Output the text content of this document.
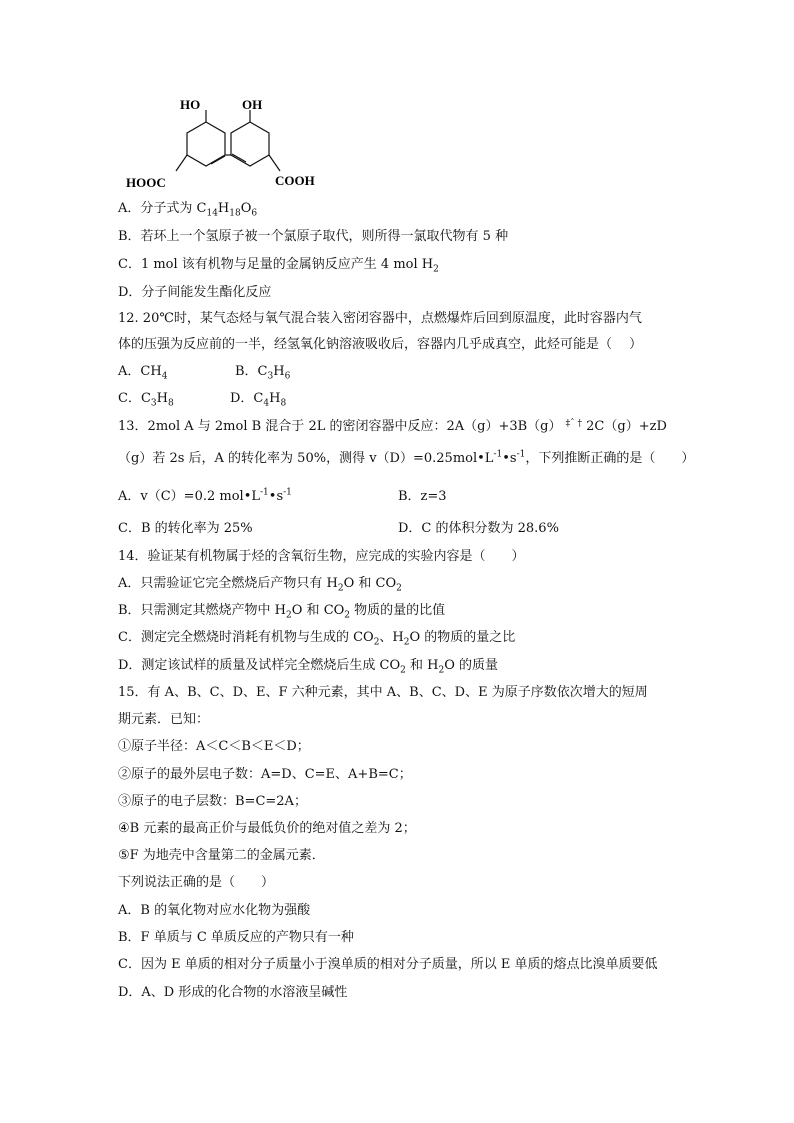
HO	OH
HOOC	COOH
A．分子式为 $C_{14}H_{18}O_6$
B．若环上一个氢原子被一个氯原子取代，则所得一氯取代物有 5 种
C．1 mol 该有机物与足量的金属钠反应产生 4 mol $H_2$
D．分子间能发生酯化反应
12. 20℃时，某气态烃与氧气混合装入密闭容器中，点燃爆炸后回到原温度，此时容器内气
体的压强为反应前的一半，经氢氧化钠溶液吸收后，容器内几乎成真空，此烃可能是（　 ）
A．$CH_4$	B．$C_3H_6$
C．$C_3H_8$	D．$C_4H_8$
13．2mol A 与 2mol B 混合于 2L 的密闭容器中反应：2A（g）+3B（g） $^{\ddagger ˆ \dagger}$ 2C（g）+zD
（g）若 2s 后，A 的转化率为 50%，测得 $v(D)=0.25mol•L^{-1}•s^{-1}$，下列推断正确的是（　　）
A．v（C）=0.2 $mol•L^{-1}•s^{-1}$	B．z=3
C．B 的转化率为 25%	D．C 的体积分数为 28.6%
14．验证某有机物属于烃的含氧衍生物，应完成的实验内容是（　　）
A．只需验证它完全燃烧后产物只有 $H_2O$ 和 $CO_2$
B．只需测定其燃烧产物中 $H_2O$ 和 $CO_2$ 物质的量的比值
C．测定完全燃烧时消耗有机物与生成的 $CO_2$、$H_2O$ 的物质的量之比
D．测定该试样的质量及试样完全燃烧后生成 $CO_2$ 和 $H_2O$ 的质量
15．有 A、B、C、D、E、F 六种元素，其中 A、B、C、D、E 为原子序数依次增大的短周
期元素．已知：
①原子半径：A＜C＜B＜E＜D；
②原子的最外层电子数：A=D、C=E、A+B=C；
③原子的电子层数：B=C=2A；
④B 元素的最高正价与最低负价的绝对值之差为 2；
⑤F 为地壳中含量第二的金属元素．
下列说法正确的是（　　）
A．B 的氧化物对应水化物为强酸
B．F 单质与 C 单质反应的产物只有一种
C．因为 E 单质的相对分子质量小于溴单质的相对分子质量，所以 E 单质的熔点比溴单质要低
D．A、D 形成的化合物的水溶液呈碱性
